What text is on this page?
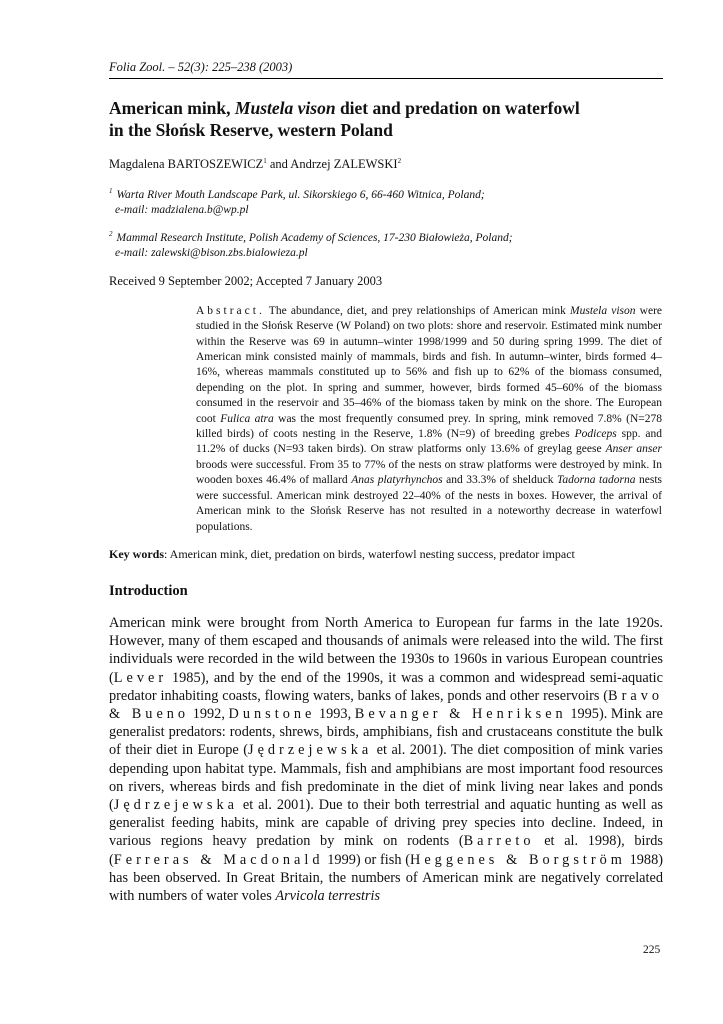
Folia Zool. – 52(3): 225–238 (2003)
American mink, Mustela vison diet and predation on waterfowl
in the Słońsk Reserve, western Poland
Magdalena BARTOSZEWICZ$^1$ and Andrzej ZALEWSKI$^2$
$^1$ Warta River Mouth Landscape Park, ul. Sikorskiego 6, 66-460 Witnica, Poland;
e-mail: madzialena.b@wp.pl
$^2$ Mammal Research Institute, Polish Academy of Sciences, 17-230 Białowieża, Poland;
e-mail: zalewski@bison.zbs.bialowieza.pl
Received 9 September 2002; Accepted 7 January 2003
Abstract. The abundance, diet, and prey relationships of American mink Mustela vison were studied in the Słońsk Reserve (W Poland) on two plots: shore and reservoir. Estimated mink number within the Reserve was 69 in autumn–winter 1998/1999 and 50 during spring 1999. The diet of American mink consisted mainly of mammals, birds and fish. In autumn–winter, birds formed 4–16%, whereas mammals constituted up to 56% and fish up to 62% of the biomass consumed, depending on the plot. In spring and summer, however, birds formed 45–60% of the biomass consumed in the reservoir and 35–46% of the biomass taken by mink on the shore. The European coot Fulica atra was the most frequently consumed prey. In spring, mink removed 7.8% (N=278 killed birds) of coots nesting in the Reserve, 1.8% (N=9) of breeding grebes Podiceps spp. and 11.2% of ducks (N=93 taken birds). On straw platforms only 13.6% of greylag geese Anser anser broods were successful. From 35 to 77% of the nests on straw platforms were destroyed by mink. In wooden boxes 46.4% of mallard Anas platyrhynchos and 33.3% of shelduck Tadorna tadorna nests were successful. American mink destroyed 22–40% of the nests in boxes. However, the arrival of American mink to the Słońsk Reserve has not resulted in a noteworthy decrease in waterfowl populations.
Key words: American mink, diet, predation on birds, waterfowl nesting success, predator impact
Introduction
American mink were brought from North America to European fur farms in the late 1920s. However, many of them escaped and thousands of animals were released into the wild. The first individuals were recorded in the wild between the 1930s to 1960s in various European countries (Lever 1985), and by the end of the 1990s, it was a common and widespread semi-aquatic predator inhabiting coasts, flowing waters, banks of lakes, ponds and other reservoirs (Bravo & Bueno 1992, Dunstone 1993, Bevanger & Henriksen 1995). Mink are generalist predators: rodents, shrews, birds, amphibians, fish and crustaceans constitute the bulk of their diet in Europe (Jędrzejewska et al. 2001). The diet composition of mink varies depending upon habitat type. Mammals, fish and amphibians are most important food resources on rivers, whereas birds and fish predominate in the diet of mink living near lakes and ponds (Jędrzejewska et al. 2001). Due to their both terrestrial and aquatic hunting as well as generalist feeding habits, mink are capable of driving prey species into decline. Indeed, in various regions heavy predation by mink on rodents (Barreto et al. 1998), birds (Ferreras & Macdonald 1999) or fish (Heggenes & Borgström 1988) has been observed. In Great Britain, the numbers of American mink are negatively correlated with numbers of water voles Arvicola terrestris
225
